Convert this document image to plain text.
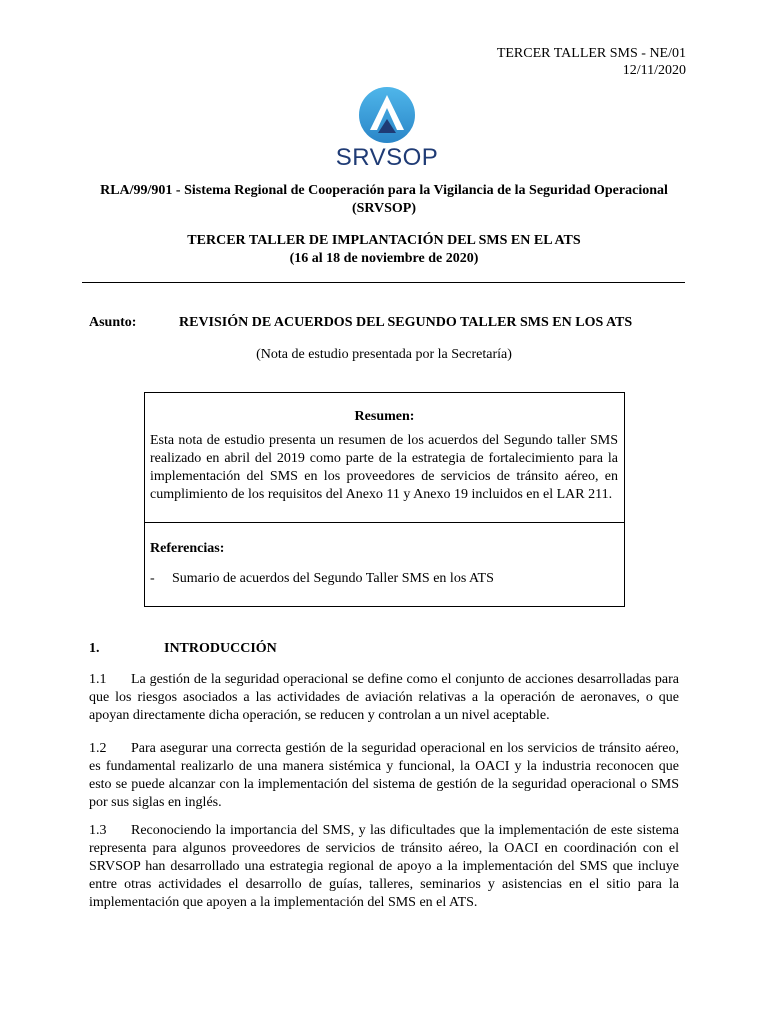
TERCER TALLER SMS - NE/01
12/11/2020
SRVSOP
RLA/99/901 - Sistema Regional de Cooperación para la Vigilancia de la Seguridad Operacional (SRVSOP)
TERCER TALLER DE IMPLANTACIÓN DEL SMS EN EL ATS
(16 al 18 de noviembre de 2020)
Asunto:	REVISIÓN DE ACUERDOS DEL SEGUNDO TALLER SMS EN LOS ATS
(Nota de estudio presentada por la Secretaría)
Resumen:
Esta nota de estudio presenta un resumen de los acuerdos del Segundo taller SMS realizado en abril del 2019 como parte de la estrategia de fortalecimiento para la implementación del SMS en los proveedores de servicios de tránsito aéreo, en cumplimiento de los requisitos del Anexo 11 y Anexo 19 incluidos en el LAR 211.
Referencias:
- Sumario de acuerdos del Segundo Taller SMS en los ATS
1.	INTRODUCCIÓN
1.1 La gestión de la seguridad operacional se define como el conjunto de acciones desarrolladas para que los riesgos asociados a las actividades de aviación relativas a la operación de aeronaves, o que apoyan directamente dicha operación, se reducen y controlan a un nivel aceptable.
1.2 Para asegurar una correcta gestión de la seguridad operacional en los servicios de tránsito aéreo, es fundamental realizarlo de una manera sistémica y funcional, la OACI y la industria reconocen que esto se puede alcanzar con la implementación del sistema de gestión de la seguridad operacional o SMS por sus siglas en inglés.
1.3 Reconociendo la importancia del SMS, y las dificultades que la implementación de este sistema representa para algunos proveedores de servicios de tránsito aéreo, la OACI en coordinación con el SRVSOP han desarrollado una estrategia regional de apoyo a la implementación del SMS que incluye entre otras actividades el desarrollo de guías, talleres, seminarios y asistencias en el sitio para la implementación que apoyen a la implementación del SMS en el ATS.
